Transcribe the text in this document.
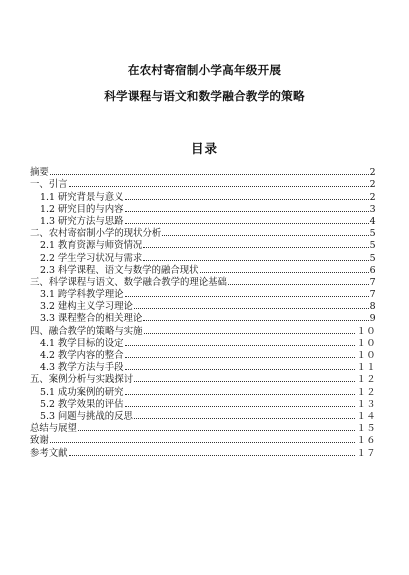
在农村寄宿制小学高年级开展
科学课程与语文和数学融合教学的策略
目录
摘要	2
一、引言	2
1.1 研究背景与意义	2
1.2 研究目的与内容	3
1.3 研究方法与思路	4
二、农村寄宿制小学的现状分析	5
2.1 教育资源与师资情况	5
2.2 学生学习状况与需求	5
2.3 科学课程、语文与数学的融合现状	6
三、科学课程与语文、数学融合教学的理论基础	7
3.1 跨学科教学理论	7
3.2 建构主义学习理论	8
3.3 课程整合的相关理论	9
四、融合教学的策略与实施	１０
4.1 教学目标的设定	１０
4.2 教学内容的整合	１０
4.3 教学方法与手段	１１
五、案例分析与实践探讨	１２
5.1 成功案例的研究	１２
5.2 教学效果的评估	１３
5.3 问题与挑战的反思	１４
总结与展望	１５
致谢	１６
参考文献	１７
